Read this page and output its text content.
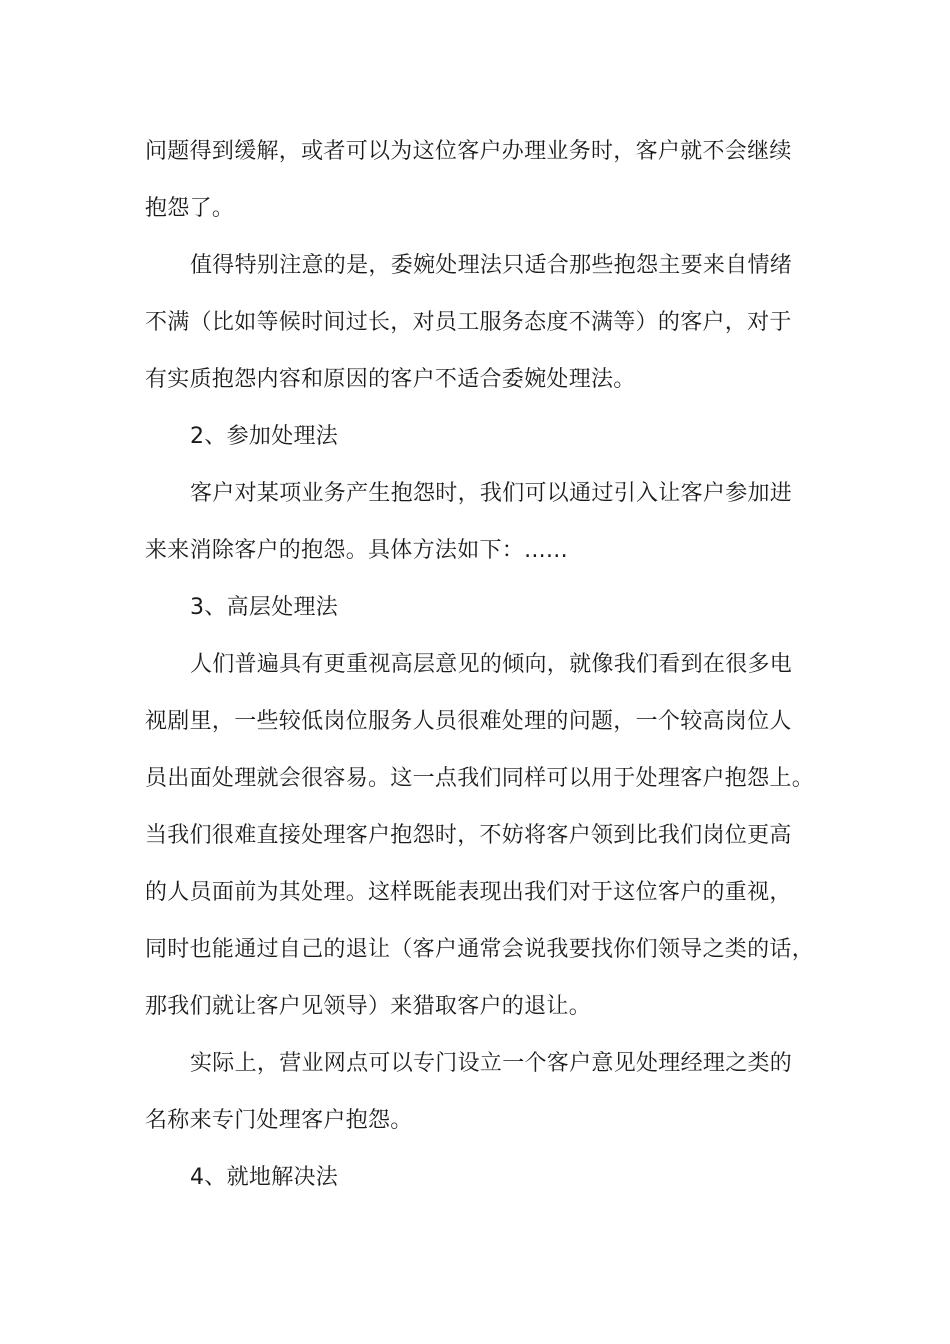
问题得到缓解，或者可以为这位客户办理业务时，客户就不会继续
抱怨了。
值得特别注意的是，委婉处理法只适合那些抱怨主要来自情绪
不满（比如等候时间过长，对员工服务态度不满等）的客户，对于
有实质抱怨内容和原因的客户不适合委婉处理法。
2、参加处理法
客户对某项业务产生抱怨时，我们可以通过引入让客户参加进
来来消除客户的抱怨。具体方法如下：......
3、高层处理法
人们普遍具有更重视高层意见的倾向，就像我们看到在很多电
视剧里，一些较低岗位服务人员很难处理的问题，一个较高岗位人
员出面处理就会很容易。这一点我们同样可以用于处理客户抱怨上。
当我们很难直接处理客户抱怨时，不妨将客户领到比我们岗位更高
的人员面前为其处理。这样既能表现出我们对于这位客户的重视，
同时也能通过自己的退让（客户通常会说我要找你们领导之类的话，
那我们就让客户见领导）来猎取客户的退让。
实际上，营业网点可以专门设立一个客户意见处理经理之类的
名称来专门处理客户抱怨。
4、就地解决法
